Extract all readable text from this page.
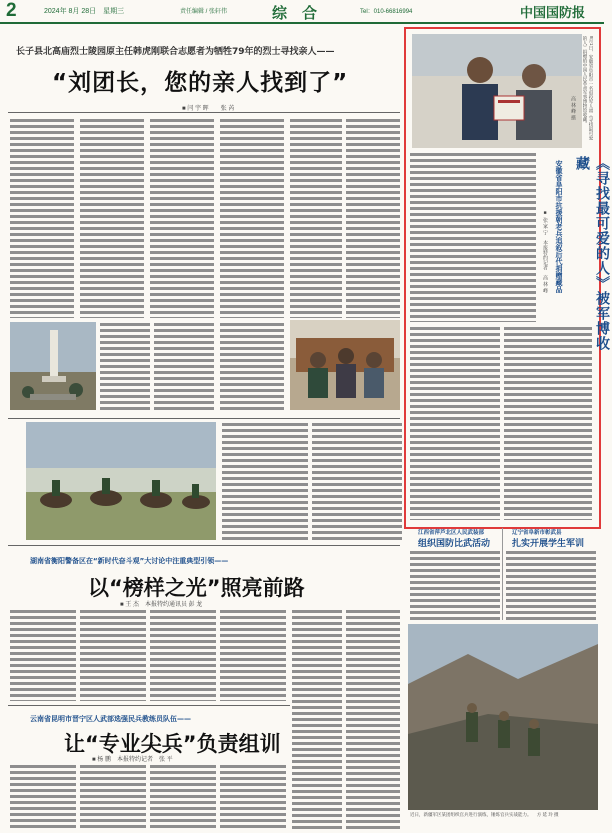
2	2024年 8月 28日　星期三	责任编辑 / 张轩伟	综　合	Tel：010-66816994	中国国防报
长子县北高庙烈士陵园原主任韩虎刚联合志愿者为牺牲79年的烈士寻找亲人——
“刘团长，您的亲人找到了”
■ 闫 宇 晖　　张 芮	8月1日，安徽省阜阳市一名退役军人将《寻找最可爱的人》捐赠给中国人民革命军事博物馆收藏。
高 林 峰 摄
《寻找最可爱的人》被军博收藏
安徽省阜阳市抗援朝老兵追叙后代捐赠藏品
■ 张 家 宁　本报特约记者　高 林 峰
湖南省衡阳警备区在“新时代奋斗观”大讨论中注重典型引领——
以“榜样之光”照亮前路
■ 王 杰　本报特约通讯员 彭 龙
云南省昆明市晋宁区人武部选强民兵教练员队伍——
让“专业尖兵”负责组训
■ 杨 鹏　本报特约记者　张 平
江西省萍芦北区人民武装部
组织国防比武活动
辽宁省阜新市彰武县
扎实开展学生军训
近日，新疆军区某团组织官兵进行演练，锤炼官兵实战能力。 方 延 玲 摄
